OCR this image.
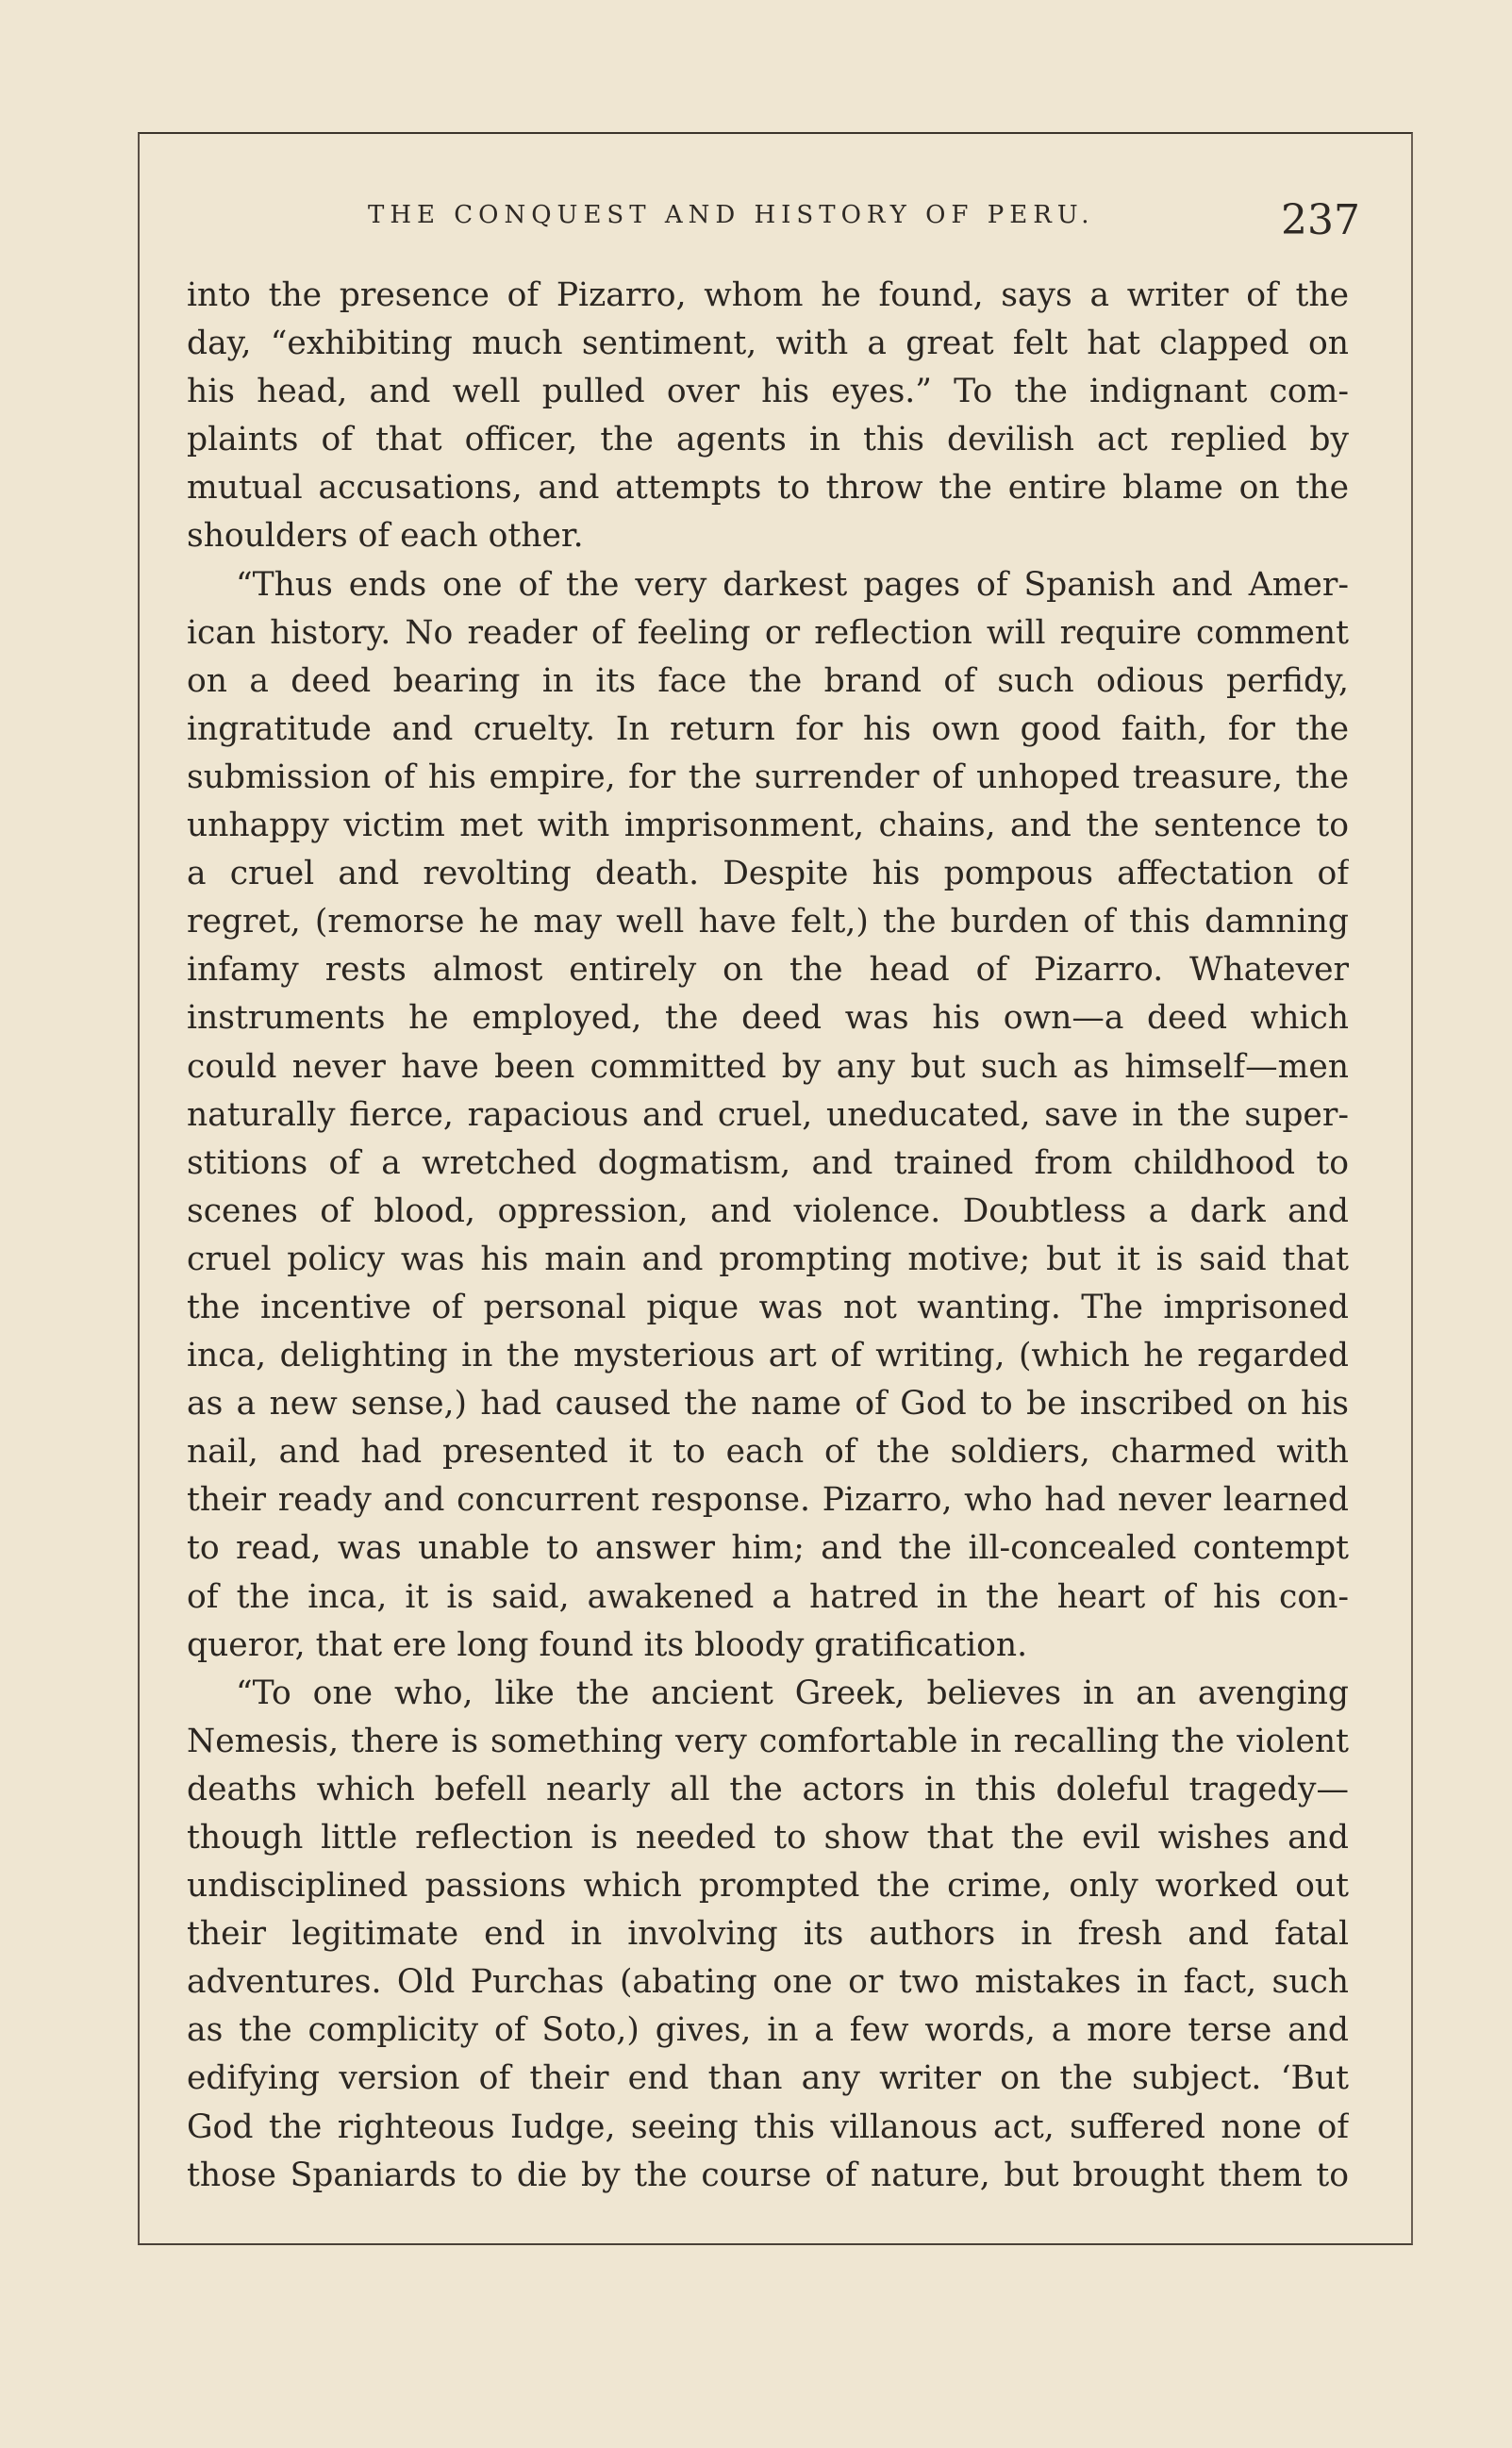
THE CONQUEST AND HISTORY OF PERU.	237
into the presence of Pizarro, whom he found, says a writer of the
day, “exhibiting much sentiment, with a great felt hat clapped on
his head, and well pulled over his eyes.” To the indignant com-
plaints of that officer, the agents in this devilish act replied by
mutual accusations, and attempts to throw the entire blame on the
shoulders of each other.
“Thus ends one of the very darkest pages of Spanish and Amer-
ican history. No reader of feeling or reflection will require comment
on a deed bearing in its face the brand of such odious perfidy,
ingratitude and cruelty. In return for his own good faith, for the
submission of his empire, for the surrender of unhoped treasure, the
unhappy victim met with imprisonment, chains, and the sentence to
a cruel and revolting death. Despite his pompous affectation of
regret, (remorse he may well have felt,) the burden of this damning
infamy rests almost entirely on the head of Pizarro. Whatever
instruments he employed, the deed was his own—a deed which
could never have been committed by any but such as himself—men
naturally fierce, rapacious and cruel, uneducated, save in the super-
stitions of a wretched dogmatism, and trained from childhood to
scenes of blood, oppression, and violence. Doubtless a dark and
cruel policy was his main and prompting motive; but it is said that
the incentive of personal pique was not wanting. The imprisoned
inca, delighting in the mysterious art of writing, (which he regarded
as a new sense,) had caused the name of God to be inscribed on his
nail, and had presented it to each of the soldiers, charmed with
their ready and concurrent response. Pizarro, who had never learned
to read, was unable to answer him; and the ill-concealed contempt
of the inca, it is said, awakened a hatred in the heart of his con-
queror, that ere long found its bloody gratification.
“To one who, like the ancient Greek, believes in an avenging
Nemesis, there is something very comfortable in recalling the violent
deaths which befell nearly all the actors in this doleful tragedy—
though little reflection is needed to show that the evil wishes and
undisciplined passions which prompted the crime, only worked out
their legitimate end in involving its authors in fresh and fatal
adventures. Old Purchas (abating one or two mistakes in fact, such
as the complicity of Soto,) gives, in a few words, a more terse and
edifying version of their end than any writer on the subject. ‘But
God the righteous Iudge, seeing this villanous act, suffered none of
those Spaniards to die by the course of nature, but brought them to
